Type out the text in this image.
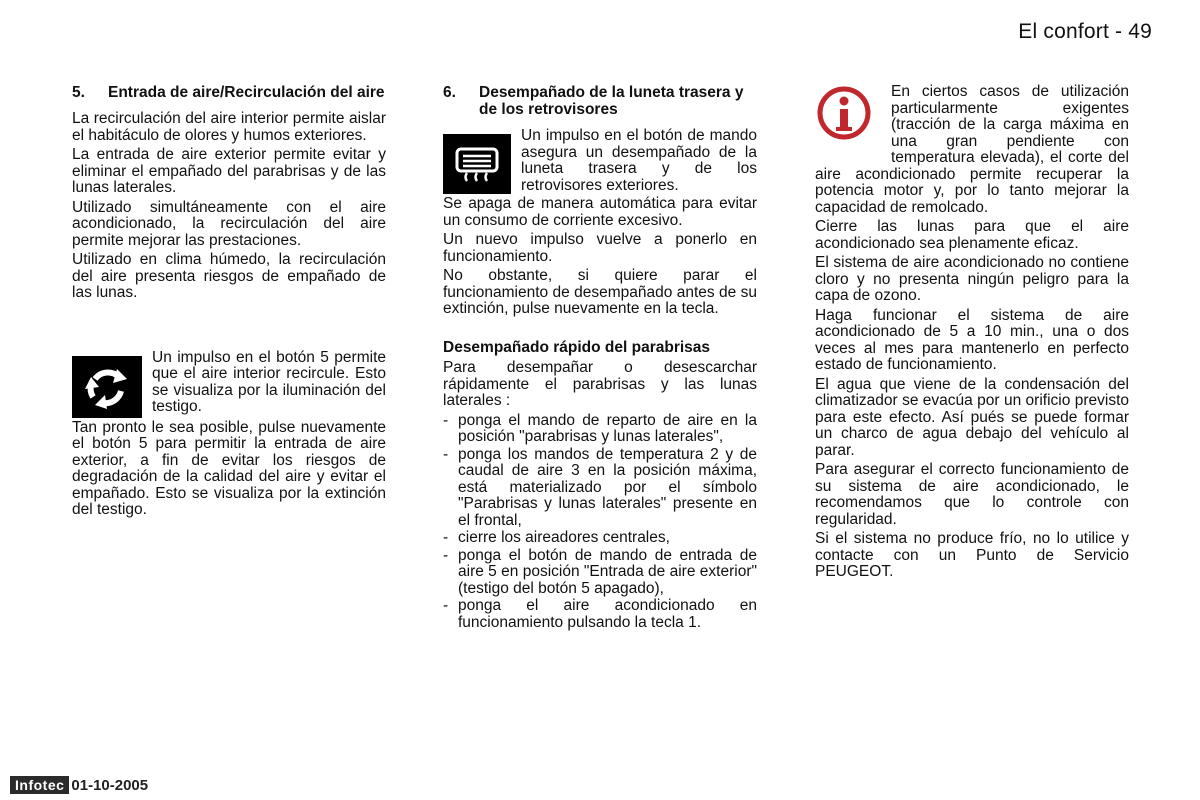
El confort - 49
5.	Entrada de aire/Recirculación del aire

La recirculación del aire interior permite aislar el habitáculo de olores y humos exteriores.

La entrada de aire exterior permite evitar y eliminar el empañado del parabrisas y de las lunas laterales.

Utilizado simultáneamente con el aire acondicionado, la recirculación del aire permite mejorar las prestaciones.

Utilizado en clima húmedo, la recirculación del aire presenta riesgos de empañado de las lunas.

Un impulso en el botón 5 permite que el aire interior recircule. Esto se visualiza por la iluminación del testigo.

Tan pronto le sea posible, pulse nuevamente el botón 5 para permitir la entrada de aire exterior, a fin de evitar los riesgos de degradación de la calidad del aire y evitar el empañado. Esto se visualiza por la extinción del testigo.

6.	Desempañado de la luneta trasera y de los retrovisores
Un impulso en el botón de mando asegura un desempañado de la luneta trasera y de los retrovisores exteriores.

Se apaga de manera automática para evitar un consumo de corriente excesivo.

Un nuevo impulso vuelve a ponerlo en funcionamiento.

No obstante, si quiere parar el funcionamiento de desempañado antes de su extinción, pulse nuevamente en la tecla.

Desempañado rápido del parabrisas

Para desempañar o desescarchar rápidamente el parabrisas y las lunas laterales :

- ponga el mando de reparto de aire en la posición "parabrisas y lunas laterales",
- ponga los mandos de temperatura 2 y de caudal de aire 3 en la posición máxima, está materializado por el símbolo "Parabrisas y lunas laterales" presente en el frontal,
- cierre los aireadores centrales,
- ponga el botón de mando de entrada de aire 5 en posición "Entrada de aire exterior" (testigo del botón 5 apagado),
- ponga el aire acondicionado en funcionamiento pulsando la tecla 1.

En ciertos casos de utilización particularmente exigentes (tracción de la carga máxima en una gran pendiente con temperatura elevada), el corte del aire acondicionado permite recuperar la potencia motor y, por lo tanto mejorar la capacidad de remolcado.

Cierre las lunas para que el aire acondicionado sea plenamente eficaz.

El sistema de aire acondicionado no contiene cloro y no presenta ningún peligro para la capa de ozono.

Haga funcionar el sistema de aire acondicionado de 5 a 10 min., una o dos veces al mes para mantenerlo en perfecto estado de funcionamiento.

El agua que viene de la condensación del climatizador se evacúa por un orificio previsto para este efecto. Así pués se puede formar un charco de agua debajo del vehículo al parar.

Para asegurar el correcto funcionamiento de su sistema de aire acondicionado, le recomendamos que lo controle con regularidad.

Si el sistema no produce frío, no lo utilice y contacte con un Punto de Servicio PEUGEOT.

Infotec 01-10-2005
